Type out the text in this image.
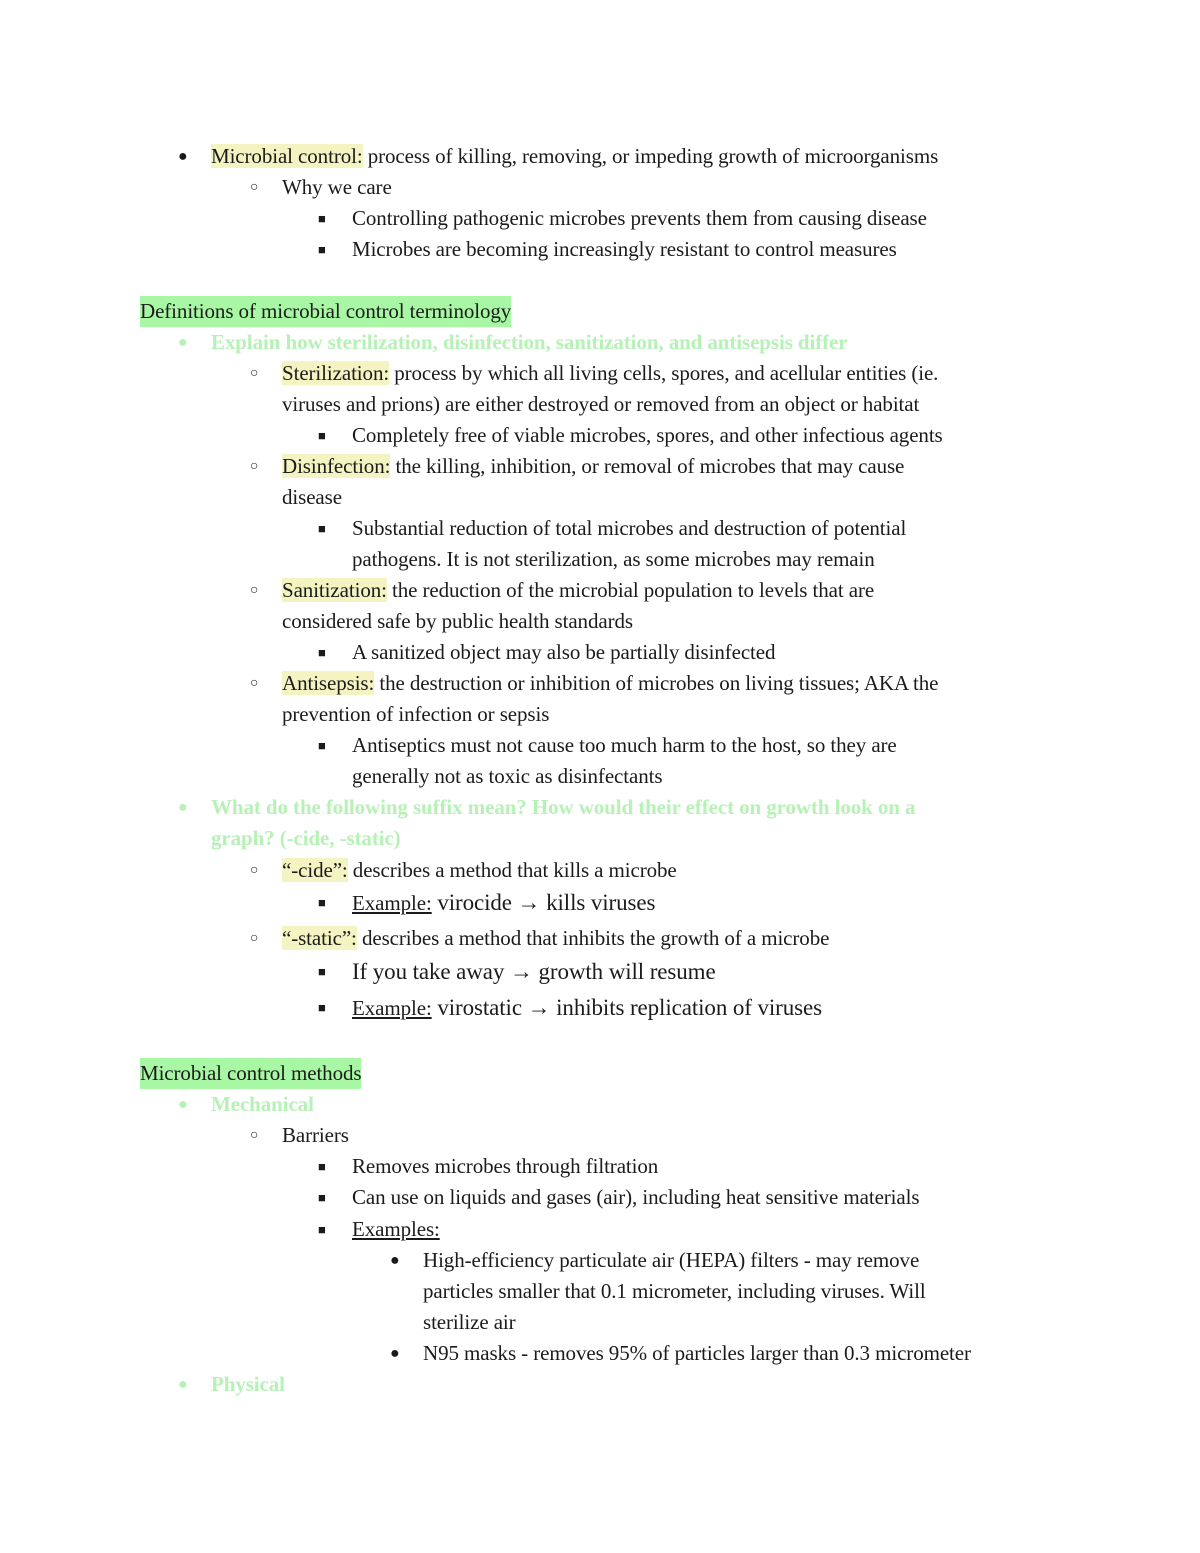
● Microbial control: process of killing, removing, or impeding growth of microorganisms
○ Why we care
■ Controlling pathogenic microbes prevents them from causing disease
■ Microbes are becoming increasingly resistant to control measures
Definitions of microbial control terminology
● Explain how sterilization, disinfection, sanitization, and antisepsis differ
○ Sterilization: process by which all living cells, spores, and acellular entities (ie.
viruses and prions) are either destroyed or removed from an object or habitat
■ Completely free of viable microbes, spores, and other infectious agents
○ Disinfection: the killing, inhibition, or removal of microbes that may cause
disease
■ Substantial reduction of total microbes and destruction of potential
pathogens. It is not sterilization, as some microbes may remain
○ Sanitization: the reduction of the microbial population to levels that are
considered safe by public health standards
■ A sanitized object may also be partially disinfected
○ Antisepsis: the destruction or inhibition of microbes on living tissues; AKA the
prevention of infection or sepsis
■ Antiseptics must not cause too much harm to the host, so they are
generally not as toxic as disinfectants
● What do the following suffix mean? How would their effect on growth look on a
graph? (-cide, -static)
○ “-cide”: describes a method that kills a microbe
■ Example: virocide → kills viruses
○ “-static”: describes a method that inhibits the growth of a microbe
■ If you take away → growth will resume
■ Example: virostatic → inhibits replication of viruses
Microbial control methods
● Mechanical
○ Barriers
■ Removes microbes through filtration
■ Can use on liquids and gases (air), including heat sensitive materials
■ Examples:
● High-efficiency particulate air (HEPA) filters - may remove
particles smaller that 0.1 micrometer, including viruses. Will
sterilize air
● N95 masks - removes 95% of particles larger than 0.3 micrometer
● Physical
